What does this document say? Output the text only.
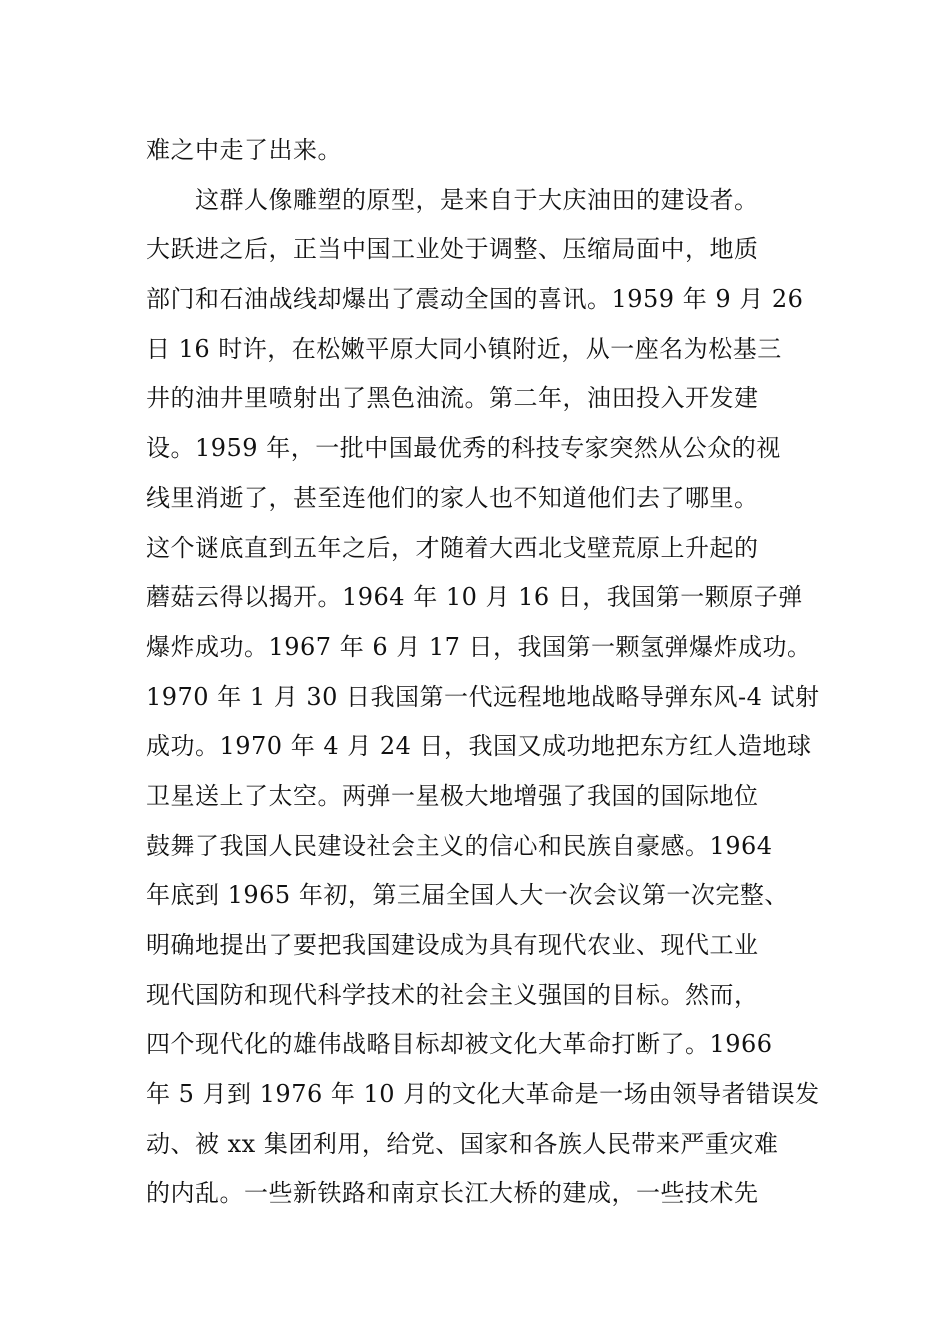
难之中走了出来。
　　这群人像雕塑的原型，是来自于大庆油田的建设者。
大跃进之后，正当中国工业处于调整、压缩局面中，地质
部门和石油战线却爆出了震动全国的喜讯。1959 年 9 月 26
日 16 时许，在松嫩平原大同小镇附近，从一座名为松基三
井的油井里喷射出了黑色油流。第二年，油田投入开发建
设。1959 年，一批中国最优秀的科技专家突然从公众的视
线里消逝了，甚至连他们的家人也不知道他们去了哪里。
这个谜底直到五年之后，才随着大西北戈壁荒原上升起的
蘑菇云得以揭开。1964 年 10 月 16 日，我国第一颗原子弹
爆炸成功。1967 年 6 月 17 日，我国第一颗氢弹爆炸成功。
1970 年 1 月 30 日我国第一代远程地地战略导弹东风-4 试射
成功。1970 年 4 月 24 日，我国又成功地把东方红人造地球
卫星送上了太空。两弹一星极大地增强了我国的国际地位
鼓舞了我国人民建设社会主义的信心和民族自豪感。1964
年底到 1965 年初，第三届全国人大一次会议第一次完整、
明确地提出了要把我国建设成为具有现代农业、现代工业
现代国防和现代科学技术的社会主义强国的目标。然而，
四个现代化的雄伟战略目标却被文化大革命打断了。1966
年 5 月到 1976 年 10 月的文化大革命是一场由领导者错误发
动、被 xx 集团利用，给党、国家和各族人民带来严重灾难
的内乱。一些新铁路和南京长江大桥的建成，一些技术先
